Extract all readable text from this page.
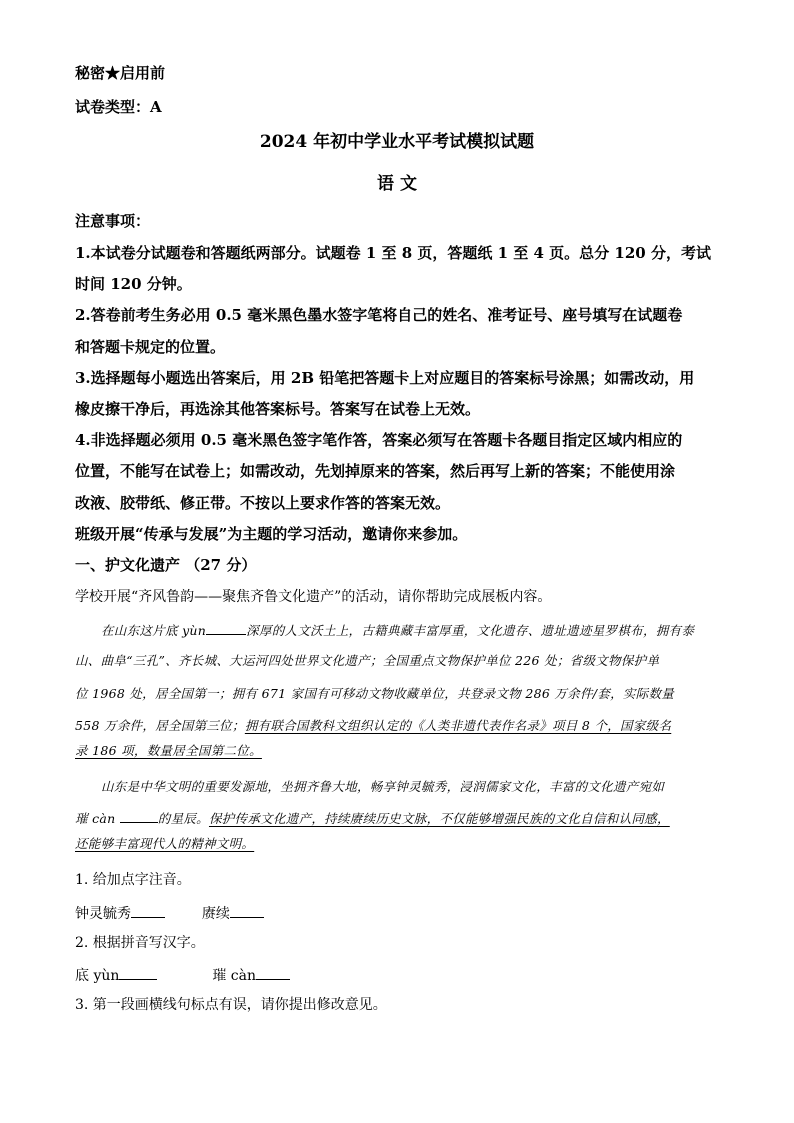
秘密★启用前
试卷类型：A
2024 年初中学业水平考试模拟试题
语 文
注意事项：
1.本试卷分试题卷和答题纸两部分。试题卷 1 至 8 页，答题纸 1 至 4 页。总分 120 分，考试
时间 120 分钟。
2.答卷前考生务必用 0.5 毫米黑色墨水签字笔将自己的姓名、准考证号、座号填写在试题卷
和答题卡规定的位置。
3.选择题每小题选出答案后，用 2B 铅笔把答题卡上对应题目的答案标号涂黑；如需改动，用
橡皮擦干净后，再选涂其他答案标号。答案写在试卷上无效。
4.非选择题必须用 0.5 毫米黑色签字笔作答，答案必须写在答题卡各题目指定区域内相应的
位置，不能写在试卷上；如需改动，先划掉原来的答案，然后再写上新的答案；不能使用涂
改液、胶带纸、修正带。不按以上要求作答的答案无效。
班级开展“传承与发展”为主题的学习活动，邀请你来参加。
一、护文化遗产 （27 分）
学校开展“齐风鲁韵——聚焦齐鲁文化遗产”的活动，请你帮助完成展板内容。
在山东这片底 yùn	深厚的人文沃土上，古籍典藏丰富厚重，文化遗存、遗址遗迹星罗棋布，拥有泰
山、曲阜“三孔”、齐长城、大运河四处世界文化遗产；全国重点文物保护单位 226 处；省级文物保护单
位 1968 处，居全国第一；拥有 671 家国有可移动文物收藏单位，共登录文物 286 万余件/套，实际数量
558 万余件，居全国第三位；拥有联合国教科文组织认定的《人类非遗代表作名录》项目 8 个，国家级名
录 186 项，数量居全国第二位。
山东是中华文明的重要发源地，坐拥齐鲁大地，畅享钟灵毓秀，浸润儒家文化，丰富的文化遗产宛如
璀 càn	的星辰。保护传承文化遗产，持续赓续历史文脉，不仅能够增强民族的文化自信和认同感，
还能够丰富现代人的精神文明。
1. 给加点字注音。
钟灵毓秀	赓续
2. 根据拼音写汉字。
底 yùn	璀 càn
3. 第一段画横线句标点有误，请你提出修改意见。
